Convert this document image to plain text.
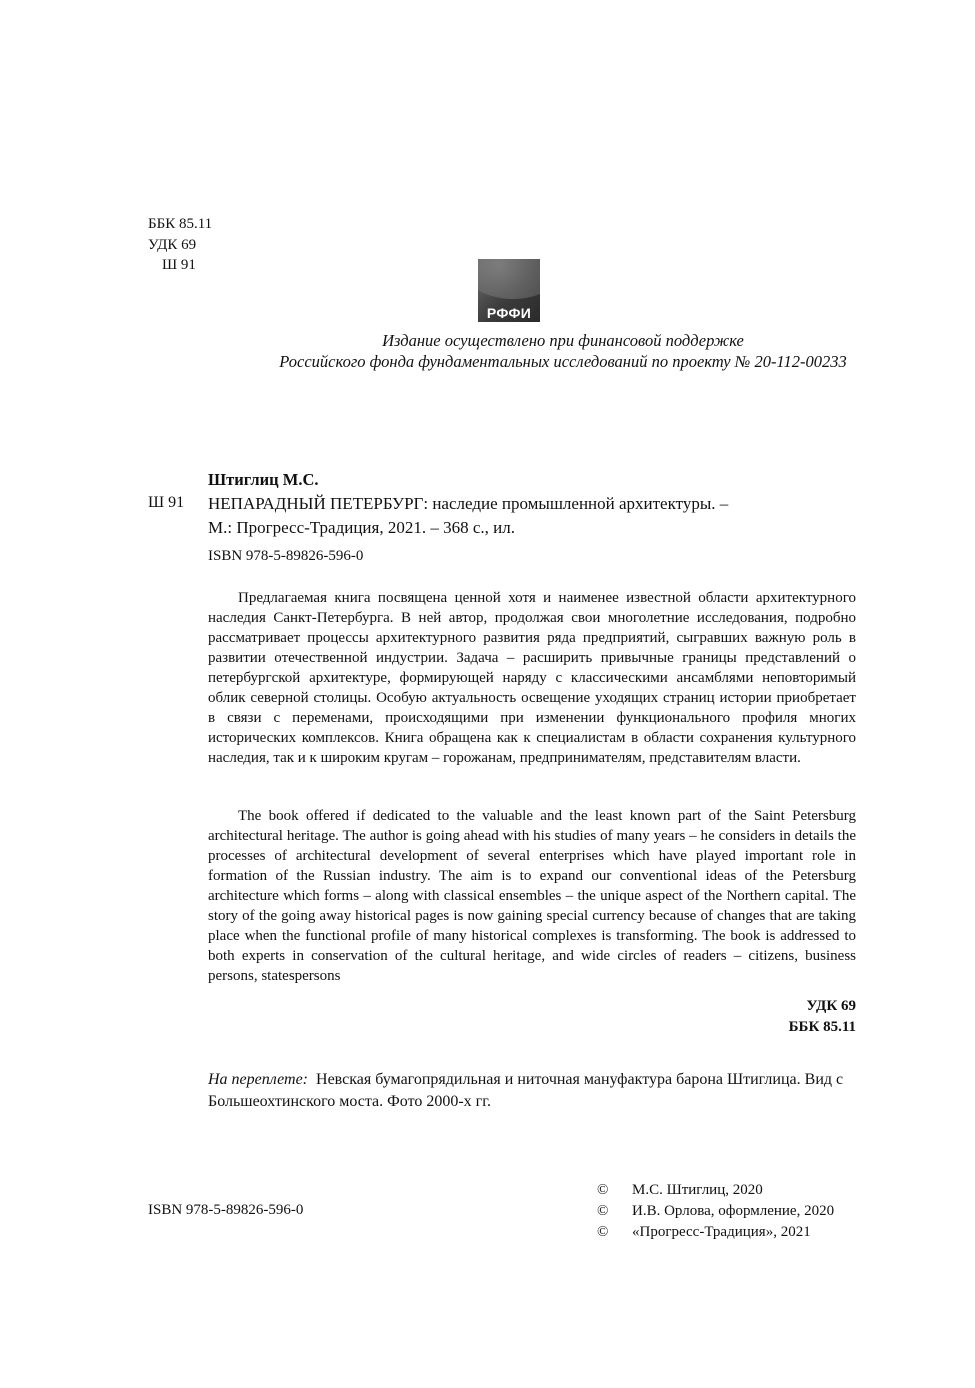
ББК 85.11
УДК 69
Ш 91
РФФИ
Издание осуществлено при финансовой поддержке
Российского фонда фундаментальных исследований по проекту № 20-112-00233
Штиглиц М.С.
Ш 91 НЕПАРАДНЫЙ ПЕТЕРБУРГ: наследие промышленной архитектуры. –
М.: Прогресс-Традиция, 2021. – 368 с., ил.
ISBN 978-5-89826-596-0

Предлагаемая книга посвящена ценной хотя и наименее известной области архитектурного наследия Санкт-Петербурга. В ней автор, продолжая свои многолетние исследования, подробно рассматривает процессы архитектурного развития ряда предприятий, сыгравших важную роль в развитии отечественной индустрии. Задача – расширить привычные границы представлений о петербургской архитектуре, формирующей наряду с классическими ансамблями неповторимый облик северной столицы. Особую актуальность освещение уходящих страниц истории приобретает в связи с переменами, происходящими при изменении функционального профиля многих исторических комплексов. Книга обращена как к специалистам в области сохранения культурного наследия, так и к широким кругам – горожанам, предпринимателям, представителям власти.

The book offered if dedicated to the valuable and the least known part of the Saint Petersburg architectural heritage. The author is going ahead with his studies of many years – he considers in details the processes of architectural development of several enterprises which have played important role in formation of the Russian industry. The aim is to expand our conventional ideas of the Petersburg architecture which forms – along with classical ensembles – the unique aspect of the Northern capital. The story of the going away historical pages is now gaining special currency because of changes that are taking place when the functional profile of many historical complexes is transforming. The book is addressed to both experts in conservation of the cultural heritage, and wide circles of readers – citizens, business persons, statespersons

УДК 69
ББК 85.11
На переплете: Невская бумагопрядильная и ниточная мануфактура барона Штиглица. Вид с Большеохтинского моста. Фото 2000-х гг.
ISBN 978-5-89826-596-0
©	М.С. Штиглиц, 2020
©	И.В. Орлова, оформление, 2020
©	«Прогресс-Традиция», 2021
